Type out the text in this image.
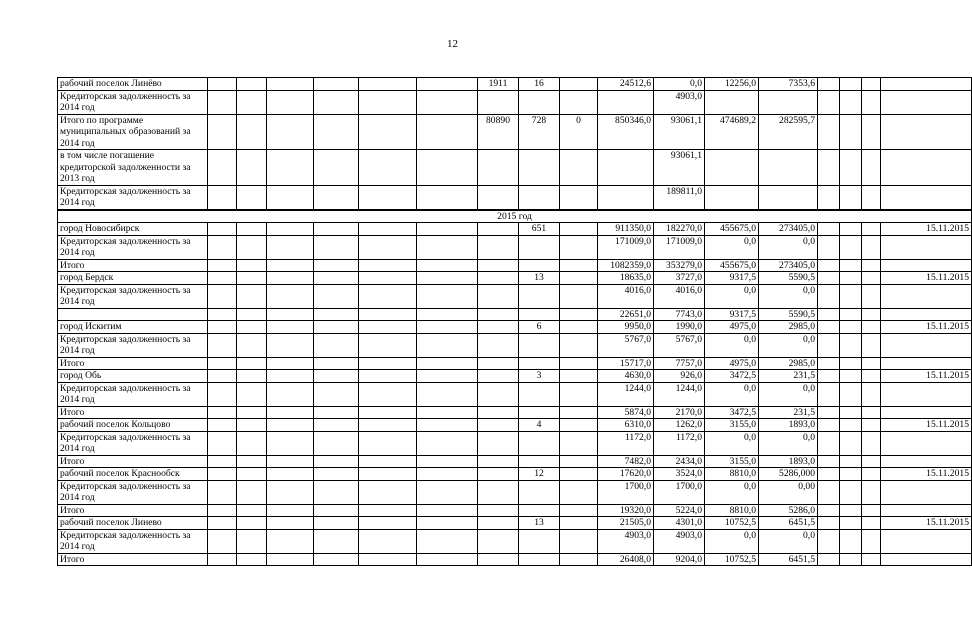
12
рабочий поселок Линёво							1911	16		24512,6	0,0	12256,0	7353,6				
Кредиторская задолженность за 2014 год											4903,0						
Итого по программе муниципальных образований за 2014 год							80890	728	0	850346,0	93061,1	474689,2	282595,7				
в том числе погашение кредиторской задолженности за 2013 год											93061,1						
Кредиторская задолженность за 2014 год											189811,0						

2015 год																	
город Новосибирск								651		911350,0	182270,0	455675,0	273405,0				15.11.2015
Кредиторская задолженность за 2014 год										171009,0	171009,0	0,0	0,0				
Итого										1082359,0	353279,0	455675,0	273405,0				
город Бердск								13		18635,0	3727,0	9317,5	5590,5				15.11.2015
Кредиторская задолженность за 2014 год										4016,0	4016,0	0,0	0,0				
										22651,0	7743,0	9317,5	5590,5				
город Искитим								6		9950,0	1990,0	4975,0	2985,0				15.11.2015
Кредиторская задолженность за 2014 год										5767,0	5767,0	0,0	0,0				
Итого										15717,0	7757,0	4975,0	2985,0				
город Обь								3		4630,0	926,0	3472,5	231,5				15.11.2015
Кредиторская задолженность за 2014 год										1244,0	1244,0	0,0	0,0				
Итого										5874,0	2170,0	3472,5	231,5				
рабочий поселок Кольцово								4		6310,0	1262,0	3155,0	1893,0				15.11.2015
Кредиторская задолженность за 2014 год										1172,0	1172,0	0,0	0,0				
Итого										7482,0	2434,0	3155,0	1893,0				
рабочий поселок Краснообск								12		17620,0	3524,0	8810,0	5286,000				15.11.2015
Кредиторская задолженность за 2014 год										1700,0	1700,0	0,0	0,00				
Итого										19320,0	5224,0	8810,0	5286,0				
рабочий поселок Линево								13		21505,0	4301,0	10752,5	6451,5				15.11.2015
Кредиторская задолженность за 2014 год										4903,0	4903,0	0,0	0,0				
Итого										26408,0	9204,0	10752,5	6451,5				
